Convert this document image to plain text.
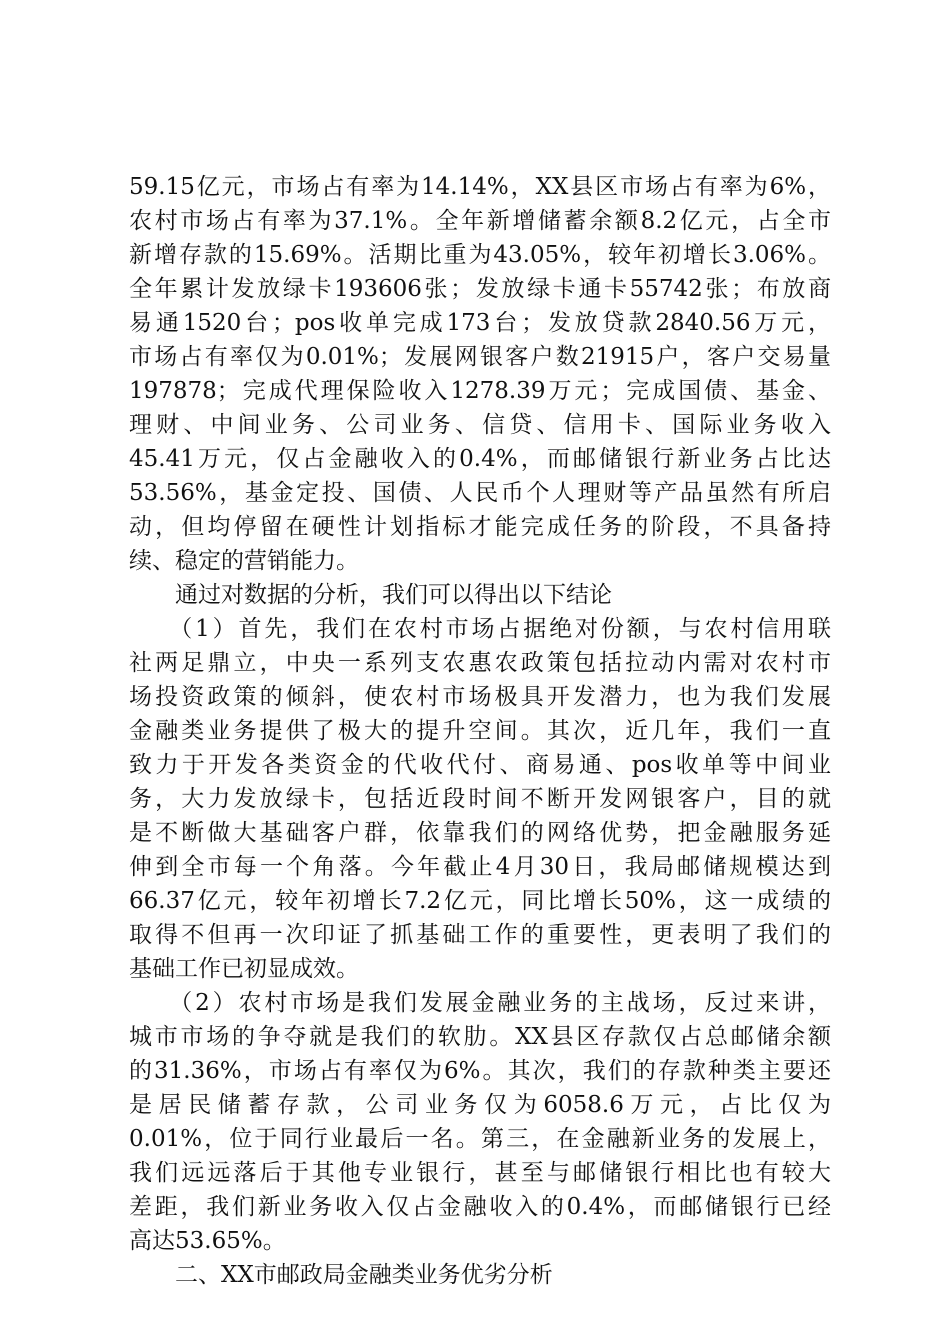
59.15亿元，市场占有率为14.14%，XX县区市场占有率为6%，
农村市场占有率为37.1%。全年新增储蓄余额8.2亿元，占全市
新增存款的15.69%。活期比重为43.05%，较年初增长3.06%。
全年累计发放绿卡193606张；发放绿卡通卡55742张；布放商
易通1520台；pos收单完成173台；发放贷款2840.56万元，
市场占有率仅为0.01%；发展网银客户数21915户，客户交易量
197878；完成代理保险收入1278.39万元；完成国债、基金、
理财、中间业务、公司业务、信贷、信用卡、国际业务收入
45.41万元，仅占金融收入的0.4%，而邮储银行新业务占比达
53.56%，基金定投、国债、人民币个人理财等产品虽然有所启
动，但均停留在硬性计划指标才能完成任务的阶段，不具备持
续、稳定的营销能力。
　　通过对数据的分析，我们可以得出以下结论
　　（1）首先，我们在农村市场占据绝对份额，与农村信用联
社两足鼎立，中央一系列支农惠农政策包括拉动内需对农村市
场投资政策的倾斜，使农村市场极具开发潜力，也为我们发展
金融类业务提供了极大的提升空间。其次，近几年，我们一直
致力于开发各类资金的代收代付、商易通、pos收单等中间业
务，大力发放绿卡，包括近段时间不断开发网银客户，目的就
是不断做大基础客户群，依靠我们的网络优势，把金融服务延
伸到全市每一个角落。今年截止4月30日，我局邮储规模达到
66.37亿元，较年初增长7.2亿元，同比增长50%，这一成绩的
取得不但再一次印证了抓基础工作的重要性，更表明了我们的
基础工作已初显成效。
　　（2）农村市场是我们发展金融业务的主战场，反过来讲，
城市市场的争夺就是我们的软肋。XX县区存款仅占总邮储余额
的31.36%，市场占有率仅为6%。其次，我们的存款种类主要还
是居民储蓄存款，公司业务仅为6058.6万元，占比仅为
0.01%，位于同行业最后一名。第三，在金融新业务的发展上，
我们远远落后于其他专业银行，甚至与邮储银行相比也有较大
差距，我们新业务收入仅占金融收入的0.4%，而邮储银行已经
高达53.65%。
　　二、XX市邮政局金融类业务优劣分析
